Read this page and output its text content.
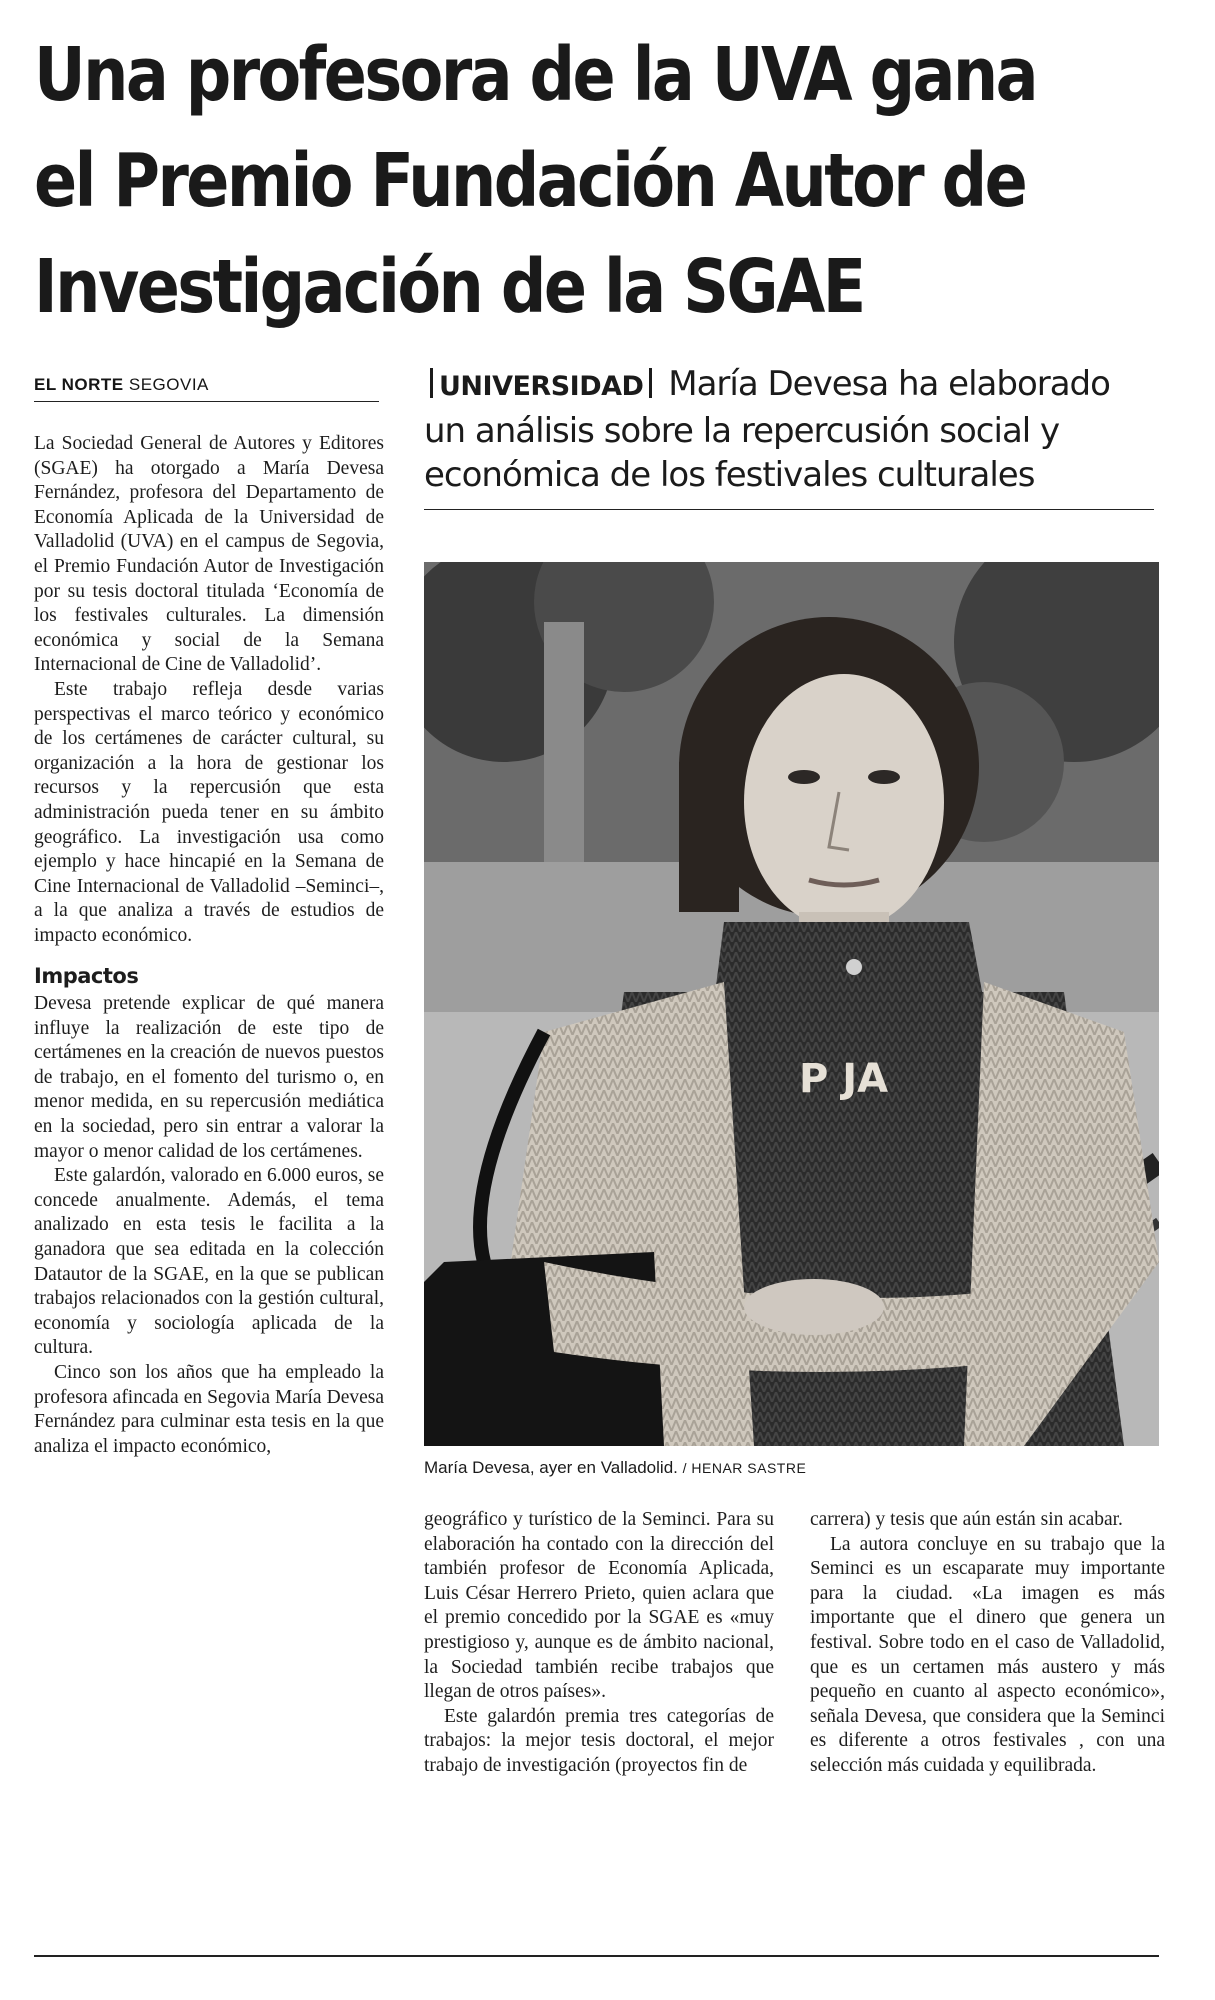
Una profesora de la UVA gana
el Premio Fundación Autor de
Investigación de la SGAE
EL NORTE SEGOVIA

La Sociedad General de Autores y Editores (SGAE) ha otorgado a María Devesa Fernández, profesora del Departamento de Economía Aplicada de la Universidad de Valladolid (UVA) en el campus de Segovia, el Premio Fundación Autor de Investigación por su tesis doctoral titulada ‘Economía de los festivales culturales. La dimensión económica y social de la Semana Internacional de Cine de Valladolid’.

Este trabajo refleja desde varias perspectivas el marco teórico y económico de los certámenes de carácter cultural, su organización a la hora de gestionar los recursos y la repercusión que esta administración pueda tener en su ámbito geográfico. La investigación usa como ejemplo y hace hincapié en la Semana de Cine Internacional de Valladolid –Seminci–, a la que analiza a través de estudios de impacto económico.

Impactos

Devesa pretende explicar de qué manera influye la realización de este tipo de certámenes en la creación de nuevos puestos de trabajo, en el fomento del turismo o, en menor medida, en su repercusión mediática en la sociedad, pero sin entrar a valorar la mayor o menor calidad de los certámenes.

Este galardón, valorado en 6.000 euros, se concede anualmente. Además, el tema analizado en esta tesis le facilita a la ganadora que sea editada en la colección Datautor de la SGAE, en la que se publican trabajos relacionados con la gestión cultural, economía y sociología aplicada de la cultura.

Cinco son los años que ha empleado la profesora afincada en Segovia María Devesa Fernández para culminar esta tesis en la que analiza el impacto económico,

UNIVERSIDAD María Devesa ha elaborado un análisis sobre la repercusión social y económica de los festivales culturales
P JA
María Devesa, ayer en Valladolid. / HENAR SASTRE

geográfico y turístico de la Seminci. Para su elaboración ha contado con la dirección del también profesor de Economía Aplicada, Luis César Herrero Prieto, quien aclara que el premio concedido por la SGAE es «muy prestigioso y, aunque es de ámbito nacional, la Sociedad también recibe trabajos que llegan de otros países».

Este galardón premia tres categorías de trabajos: la mejor tesis doctoral, el mejor trabajo de investigación (proyectos fin de

carrera) y tesis que aún están sin acabar.

La autora concluye en su trabajo que la Seminci es un escaparate muy importante para la ciudad. «La imagen es más importante que el dinero que genera un festival. Sobre todo en el caso de Valladolid, que es un certamen más austero y más pequeño en cuanto al aspecto económico», señala Devesa, que considera que la Seminci es diferente a otros festivales , con una selección más cuidada y equilibrada.
